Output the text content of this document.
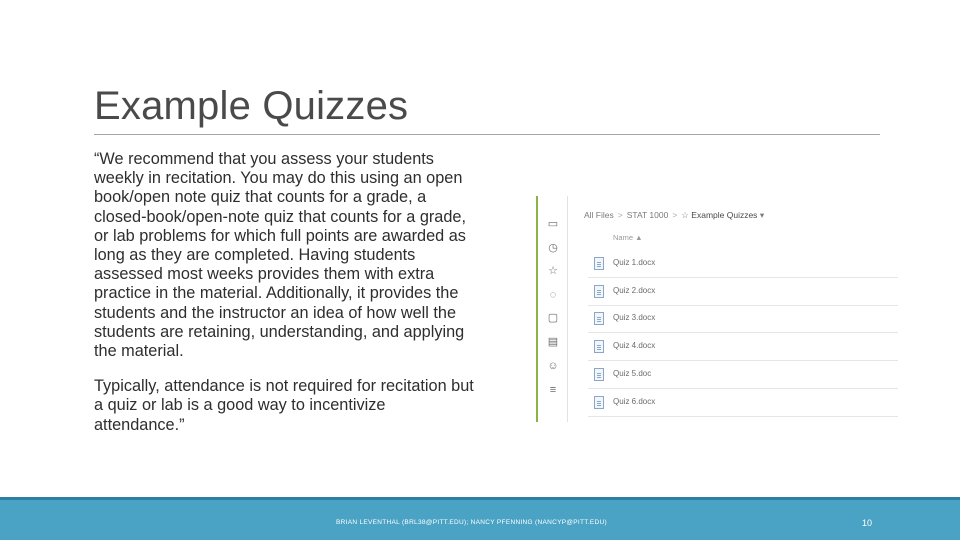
Example Quizzes

“We recommend that you assess your students weekly in recitation. You may do this using an open book/open note quiz that counts for a grade, a closed-book/open-note quiz that counts for a grade, or lab problems for which full points are awarded as long as they are completed. Having students assessed most weeks provides them with extra practice in the material. Additionally, it provides the students and the instructor an idea of how well the students are retaining, understanding, and applying the material.

Typically, attendance is not required for recitation but a quiz or lab is a good way to incentivize attendance.”

▭
◷
☆
◌
▢
▤
☺
≡
All Files > STAT 1000 > ☆ Example Quizzes ▾
Name ▲
Quiz 1.docx
Quiz 2.docx
Quiz 3.docx
Quiz 4.docx
Quiz 5.doc
Quiz 6.docx
BRIAN LEVENTHAL (BRL38@PITT.EDU); NANCY PFENNING (NANCYP@PITT.EDU)	10
